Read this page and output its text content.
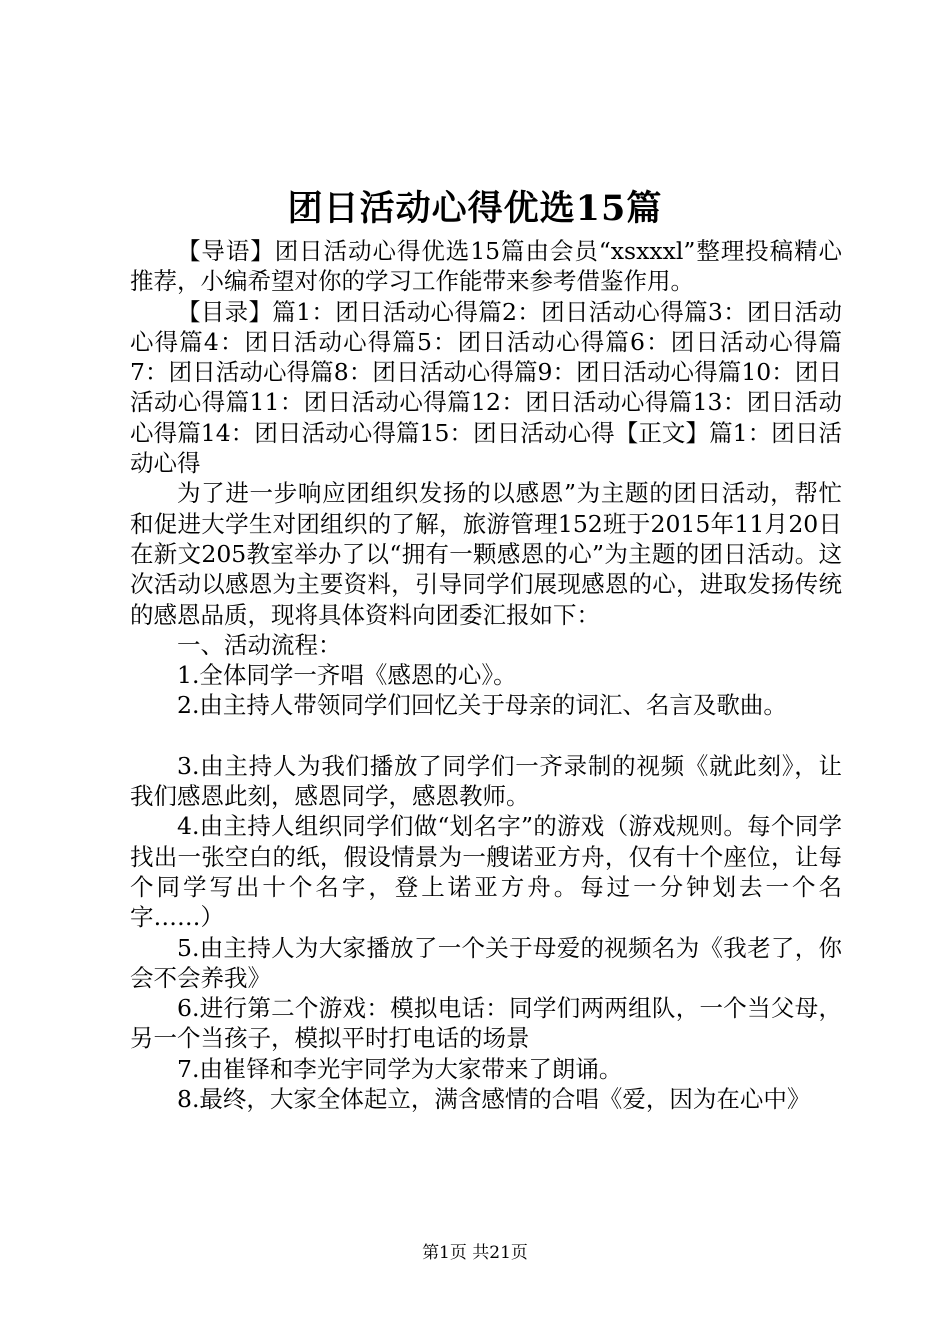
团日活动心得优选15篇

【导语】团日活动心得优选15篇由会员“xsxxxl”整理投稿精心推荐，小编希望对你的学习工作能带来参考借鉴作用。

【目录】篇1：团日活动心得篇2：团日活动心得篇3：团日活动心得篇4：团日活动心得篇5：团日活动心得篇6：团日活动心得篇7：团日活动心得篇8：团日活动心得篇9：团日活动心得篇10：团日活动心得篇11：团日活动心得篇12：团日活动心得篇13：团日活动心得篇14：团日活动心得篇15：团日活动心得【正文】篇1：团日活动心得

为了进一步响应团组织发扬的以感恩”为主题的团日活动，帮忙和促进大学生对团组织的了解，旅游管理152班于2015年11月20日在新文205教室举办了以“拥有一颗感恩的心”为主题的团日活动。这次活动以感恩为主要资料，引导同学们展现感恩的心，进取发扬传统的感恩品质，现将具体资料向团委汇报如下：

一、活动流程：

1.全体同学一齐唱《感恩的心》。

2.由主持人带领同学们回忆关于母亲的词汇、名言及歌曲。

3.由主持人为我们播放了同学们一齐录制的视频《就此刻》，让我们感恩此刻，感恩同学，感恩教师。

4.由主持人组织同学们做“划名字”的游戏（游戏规则。每个同学找出一张空白的纸，假设情景为一艘诺亚方舟，仅有十个座位，让每个同学写出十个名字，登上诺亚方舟。每过一分钟划去一个名字……）

5.由主持人为大家播放了一个关于母爱的视频名为《我老了，你会不会养我》

6.进行第二个游戏：模拟电话：同学们两两组队，一个当父母，另一个当孩子，模拟平时打电话的场景

7.由崔铎和李光宇同学为大家带来了朗诵。

8.最终，大家全体起立，满含感情的合唱《爱，因为在心中》

第1页 共21页
